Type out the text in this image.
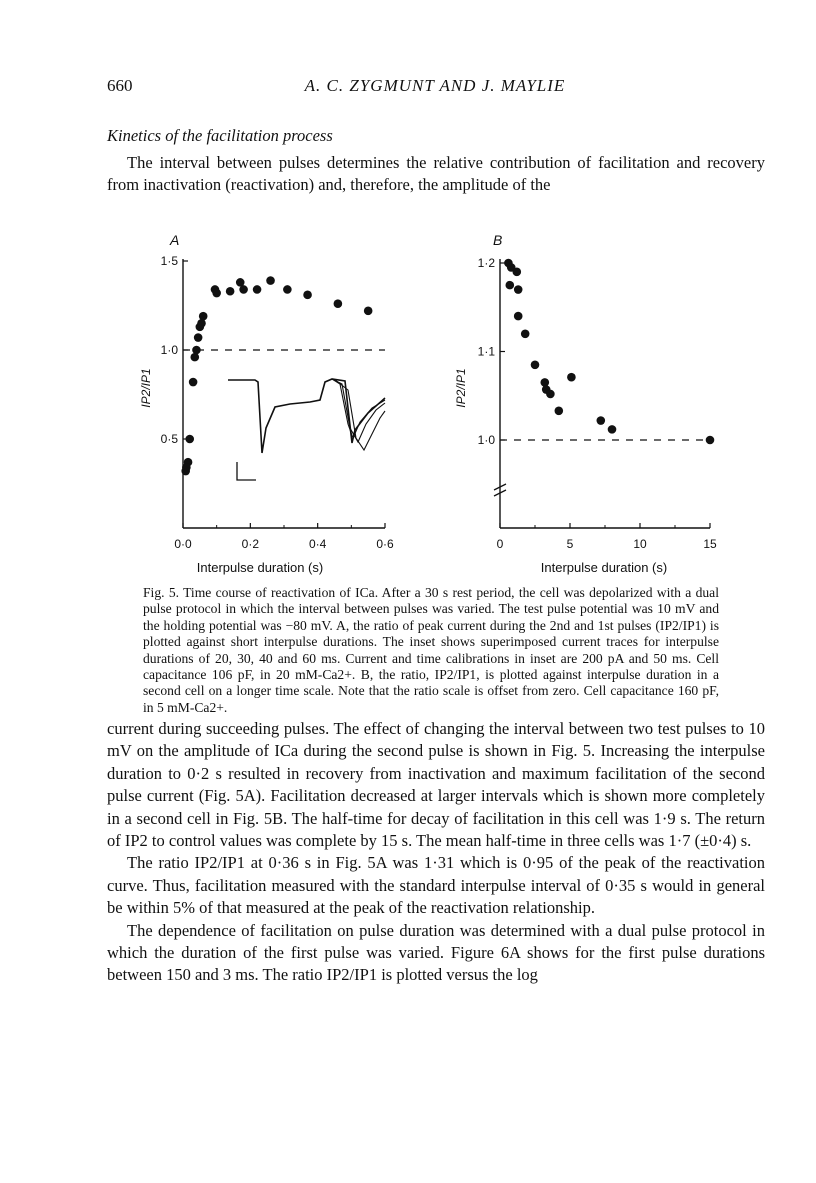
660	A. C. ZYGMUNT AND J. MAYLIE
Kinetics of the facilitation process

The interval between pulses determines the relative contribution of facilitation and recovery from inactivation (reactivation) and, therefore, the amplitude of the

A
0·0	0·2	0·4	0·6
0·5
1·0
1·5
Interpulse duration (s)
IP2/IP1
B
0	5	10	15
1·0
1·1
1·2
Interpulse duration (s)
IP2/IP1
Fig. 5. Time course of reactivation of ICa. After a 30 s rest period, the cell was depolarized with a dual pulse protocol in which the interval between pulses was varied. The test pulse potential was 10 mV and the holding potential was −80 mV. A, the ratio of peak current during the 2nd and 1st pulses (IP2/IP1) is plotted against short interpulse durations. The inset shows superimposed current traces for interpulse durations of 20, 30, 40 and 60 ms. Current and time calibrations in inset are 200 pA and 50 ms. Cell capacitance 106 pF, in 20 mM-Ca2+. B, the ratio, IP2/IP1, is plotted against interpulse duration in a second cell on a longer time scale. Note that the ratio scale is offset from zero. Cell capacitance 160 pF, in 5 mM-Ca2+.

current during succeeding pulses. The effect of changing the interval between two test pulses to 10 mV on the amplitude of ICa during the second pulse is shown in Fig. 5. Increasing the interpulse duration to 0·2 s resulted in recovery from inactivation and maximum facilitation of the second pulse current (Fig. 5A). Facilitation decreased at larger intervals which is shown more completely in a second cell in Fig. 5B. The half-time for decay of facilitation in this cell was 1·9 s. The return of IP2 to control values was complete by 15 s. The mean half-time in three cells was 1·7 (±0·4) s.

The ratio IP2/IP1 at 0·36 s in Fig. 5A was 1·31 which is 0·95 of the peak of the reactivation curve. Thus, facilitation measured with the standard interpulse interval of 0·35 s would in general be within 5% of that measured at the peak of the reactivation relationship.

The dependence of facilitation on pulse duration was determined with a dual pulse protocol in which the duration of the first pulse was varied. Figure 6A shows for the first pulse durations between 150 and 3 ms. The ratio IP2/IP1 is plotted versus the log
